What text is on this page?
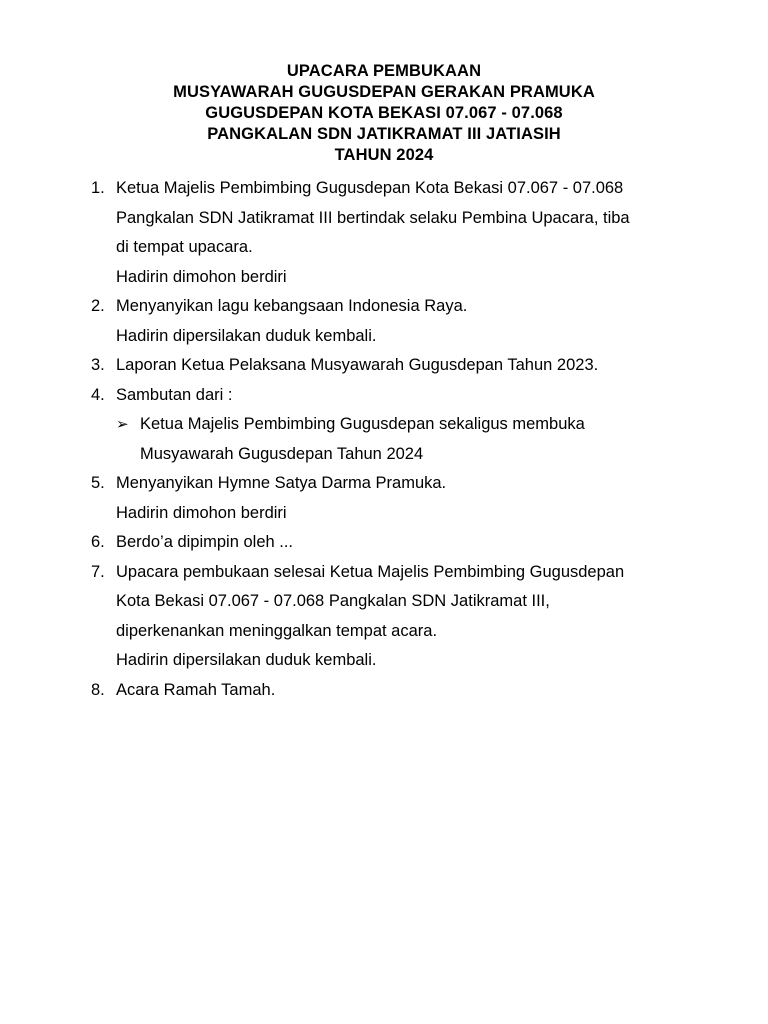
UPACARA PEMBUKAAN
MUSYAWARAH GUGUSDEPAN GERAKAN PRAMUKA
GUGUSDEPAN KOTA BEKASI 07.067 - 07.068
PANGKALAN SDN JATIKRAMAT III JATIASIH
TAHUN 2024
1. Ketua Majelis Pembimbing Gugusdepan Kota Bekasi 07.067 - 07.068
Pangkalan SDN Jatikramat III bertindak selaku Pembina Upacara, tiba
di tempat upacara.
Hadirin dimohon berdiri
2. Menyanyikan lagu kebangsaan Indonesia Raya.
Hadirin dipersilakan duduk kembali.
3. Laporan Ketua Pelaksana Musyawarah Gugusdepan Tahun 2023.
4. Sambutan dari :
➢ Ketua Majelis Pembimbing Gugusdepan sekaligus membuka
Musyawarah Gugusdepan Tahun 2024
5. Menyanyikan Hymne Satya Darma Pramuka.
Hadirin dimohon berdiri
6. Berdo’a dipimpin oleh ...
7. Upacara pembukaan selesai Ketua Majelis Pembimbing Gugusdepan
Kota Bekasi 07.067 - 07.068 Pangkalan SDN Jatikramat III,
diperkenankan meninggalkan tempat acara.
Hadirin dipersilakan duduk kembali.
8. Acara Ramah Tamah.
